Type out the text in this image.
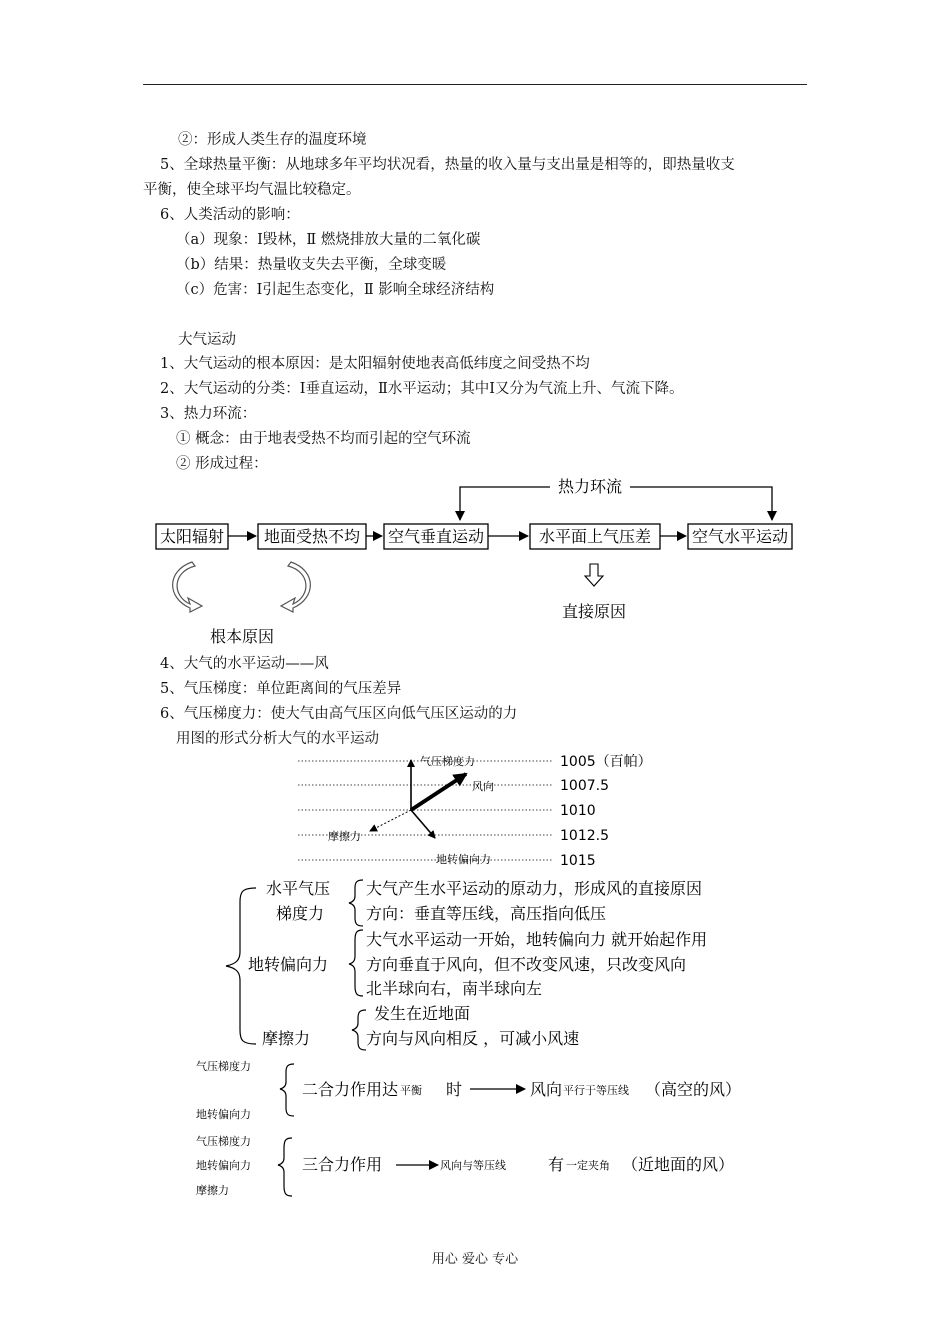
②：形成人类生存的温度环境
5、全球热量平衡：从地球多年平均状况看，热量的收入量与支出量是相等的，即热量收支
平衡，使全球平均气温比较稳定。
6、人类活动的影响：
（a）现象：Ⅰ毁林，Ⅱ 燃烧排放大量的二氧化碳
（b）结果：热量收支失去平衡，全球变暖
（c）危害：Ⅰ引起生态变化，Ⅱ 影响全球经济结构
大气运动
1、大气运动的根本原因：是太阳辐射使地表高低纬度之间受热不均
2、大气运动的分类：Ⅰ垂直运动，Ⅱ水平运动；其中Ⅰ又分为气流上升、气流下降。
3、热力环流：
① 概念：由于地表受热不均而引起的空气环流
② 形成过程：
太阳辐射 地面受热不均 空气垂直运动	水平面上气压差	空气水平运动
热力环流
直接原因
根本原因
4、大气的水平运动——风
5、气压梯度：单位距离间的气压差异
6、气压梯度力：使大气由高气压区向低气压区运动的力
用图的形式分析大气的水平运动
1005（百帕）
1007.5
1010
1012.5
1015
气压梯度力
风向
摩擦力
地转偏向力
水平气压
梯度力
大气产生水平运动的原动力，形成风的直接原因
方向：垂直等压线，高压指向低压
地转偏向力
大气水平运动一开始，地转偏向力 就开始起作用
方向垂直于风向，但不改变风速，只改变风向
北半球向右，南半球向左
摩擦力
发生在近地面
方向与风向相反 ，可减小风速
气压梯度力
地转偏向力
二合力作用达 平衡 时	风向 平行于等压线 （高空的风）
气压梯度力
地转偏向力
摩擦力
三合力作用	风向与等压线	有 一定夹角 （近地面的风）
用心 爱心 专心
